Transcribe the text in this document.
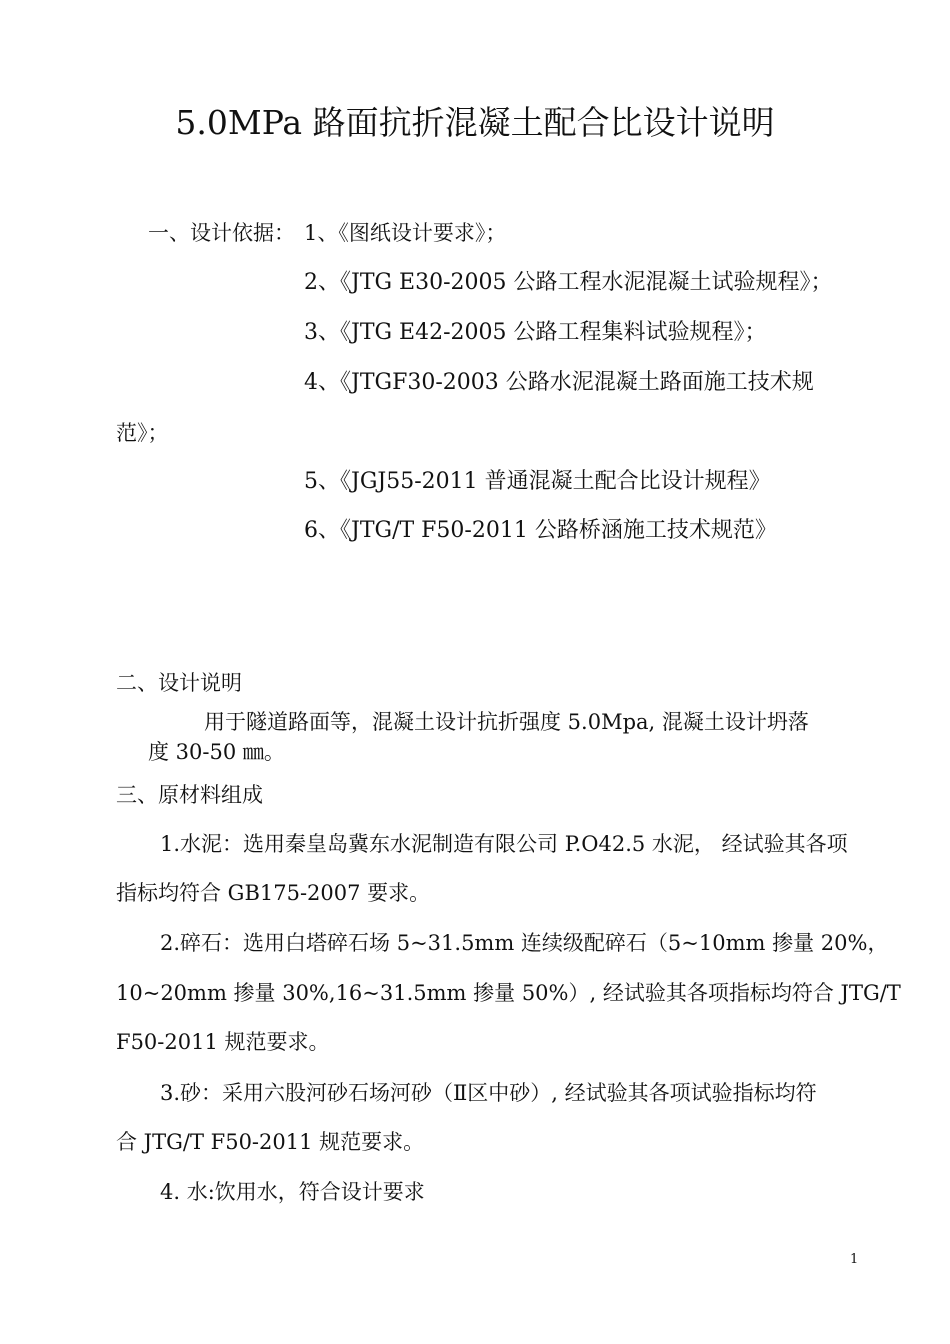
5.0MPa 路面抗折混凝土配合比设计说明
一、设计依据： 1、《图纸设计要求》；
2、《JTG E30-2005 公路工程水泥混凝土试验规程》；
3、《JTG E42-2005 公路工程集料试验规程》；
4、《JTGF30-2003 公路水泥混凝土路面施工技术规
范》；
5、《JGJ55-2011 普通混凝土配合比设计规程》
6、《JTG/T F50-2011 公路桥涵施工技术规范》
二、设计说明
用于隧道路面等，混凝土设计抗折强度 5.0Mpa, 混凝土设计坍落
度 30-50 ㎜。
三、原材料组成
1.水泥：选用秦皇岛冀东水泥制造有限公司 P.O42.5 水泥， 经试验其各项
指标均符合 GB175-2007 要求。
2.碎石：选用白塔碎石场 5~31.5mm 连续级配碎石（5~10mm 掺量 20%，
10~20mm 掺量 30%,16~31.5mm 掺量 50%）, 经试验其各项指标均符合 JTG/T
F50-2011 规范要求。
3.砂：采用六股河砂石场河砂（Ⅱ区中砂）, 经试验其各项试验指标均符
合 JTG/T F50-2011 规范要求。
4. 水:饮用水，符合设计要求
1
